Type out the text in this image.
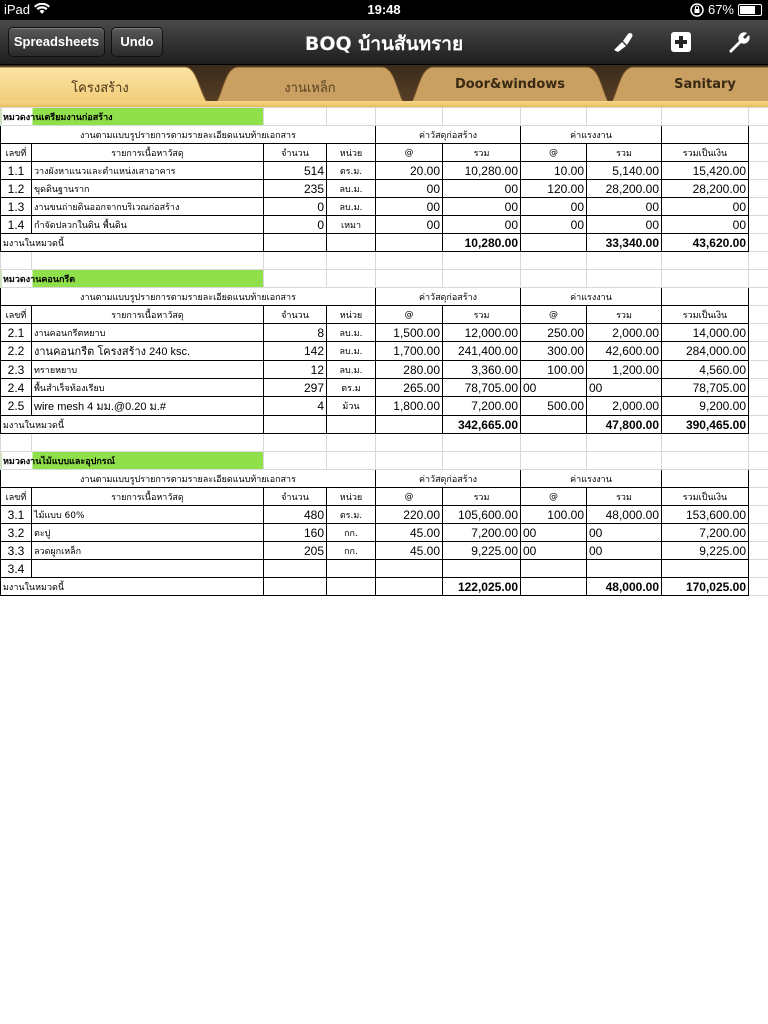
iPad	19:48	67%
Spreadsheets	Undo	BOQ บ้านสันทราย
งานเหล็ก	Door&windows	Sanitary
โครงสร้าง
หมวดงานเตรียมงานก่อสร้าง									
งานตามแบบรูปรายการตามรายละเอียดแนบท้ายเอกสาร				ค่าวัสดุก่อสร้าง		ค่าแรงงาน			
เลขที่	รายการเนื้อหาวัสดุ	จำนวน	หน่วย	@	รวม	@	รวม	รวมเป็นเงิน	
1.1	วางผังหาแนวและตำแหน่งเสาอาคาร	514	ตร.ม.	20.00	10,280.00	10.00	5,140.00	15,420.00	
1.2	ขุดดินฐานราก	235	ลบ.ม.	00	00	120.00	28,200.00	28,200.00	
1.3	งานขนถ่ายดินออกจากบริเวณก่อสร้าง	0	ลบ.ม.	00	00	00	00	00	
1.4	กำจัดปลวกในดิน พื้นดิน	0	เหมา	00	00	00	00	00	
มงานในหมวดนี้					10,280.00		33,340.00	43,620.00	

หมวดงานคอนกรีต									
งานตามแบบรูปรายการตามรายละเอียดแนบท้ายเอกสาร				ค่าวัสดุก่อสร้าง		ค่าแรงงาน			
เลขที่	รายการเนื้อหาวัสดุ	จำนวน	หน่วย	@	รวม	@	รวม	รวมเป็นเงิน	
2.1	งานคอนกรีตหยาบ	8	ลบ.ม.	1,500.00	12,000.00	250.00	2,000.00	14,000.00	
2.2	งานคอนกรีต โครงสร้าง 240 ksc.	142	ลบ.ม.	1,700.00	241,400.00	300.00	42,600.00	284,000.00	
2.3	ทรายหยาบ	12	ลบ.ม.	280.00	3,360.00	100.00	1,200.00	4,560.00	
2.4	พื้นสำเร็จท้องเรียบ	297	ตร.ม	265.00	78,705.00	00	00	78,705.00	
2.5	wire mesh 4 มม.@0.20 ม.#	4	ม้วน	1,800.00	7,200.00	500.00	2,000.00	9,200.00	
มงานในหมวดนี้					342,665.00		47,800.00	390,465.00	

หมวดงานไม้แบบและอุปกรณ์									
งานตามแบบรูปรายการตามรายละเอียดแนบท้ายเอกสาร				ค่าวัสดุก่อสร้าง		ค่าแรงงาน			
เลขที่	รายการเนื้อหาวัสดุ	จำนวน	หน่วย	@	รวม	@	รวม	รวมเป็นเงิน	
3.1	ไม้แบบ 60%	480	ตร.ม.	220.00	105,600.00	100.00	48,000.00	153,600.00	
3.2	ตะปู	160	กก.	45.00	7,200.00	00	00	7,200.00	
3.3	ลวดผูกเหล็ก	205	กก.	45.00	9,225.00	00	00	9,225.00	
3.4									
มงานในหมวดนี้					122,025.00		48,000.00	170,025.00	
